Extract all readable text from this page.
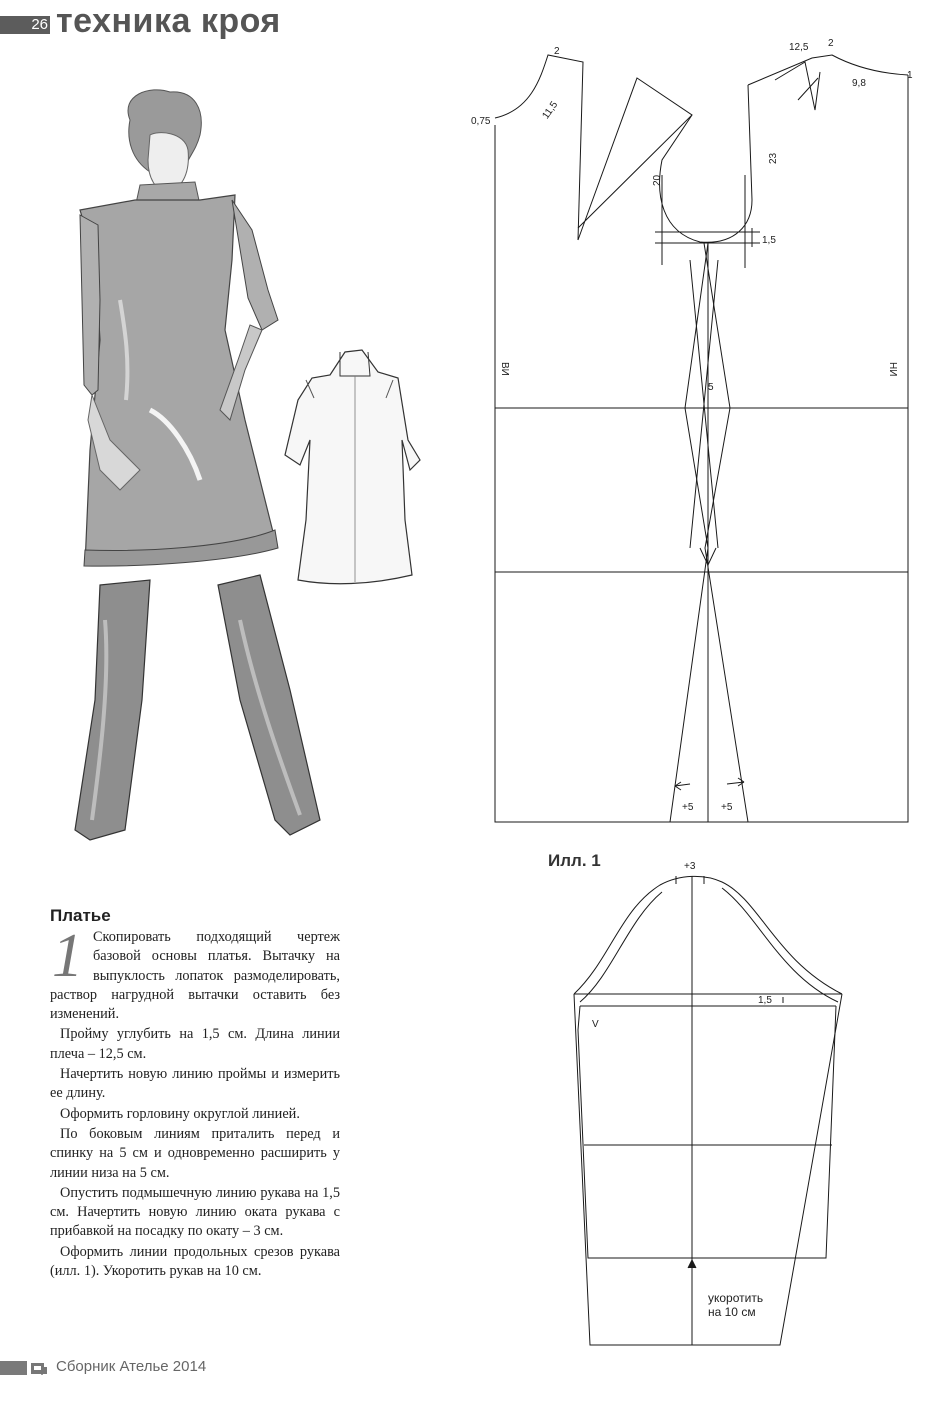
26 техника кроя
2
0,75
11,5
12,5 2
1
9,8
20
23
1,5
5
+5	+5
ВИ	НИ
+3
1,5
V
укоротить
на 10 см
Илл. 1
Платье
1 Скопировать подходящий чертеж базовой основы платья. Вытачку на выпуклость лопаток размоделировать, раствор нагрудной вытачки оставить без изменений.

Пройму углубить на 1,5 см. Длина линии плеча – 12,5 см.

Начертить новую линию проймы и измерить ее длину.

Оформить горловину округлой линией.

По боковым линиям приталить перед и спинку на 5 см и одновременно расширить у линии низа на 5 см.

Опустить подмышечную линию рукава на 1,5 см. Начертить новую линию оката рукава с прибавкой на посадку по окату – 3 см.

Оформить линии продольных срезов рукава (илл. 1). Укоротить рукав на 10 см.

Сборник Ателье 2014
